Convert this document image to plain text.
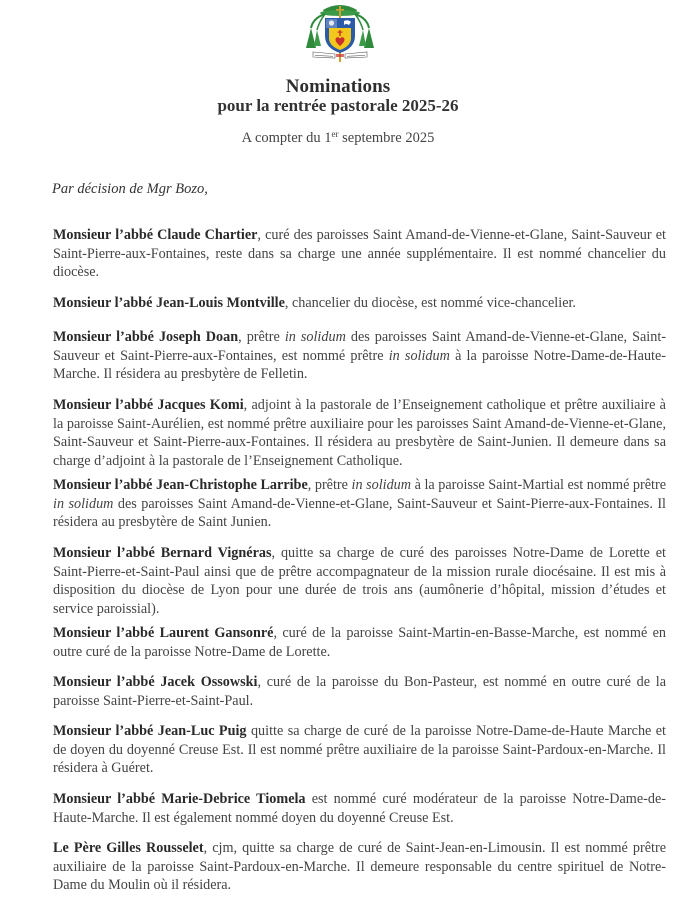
Nominations
pour la rentrée pastorale 2025-26
A compter du 1er septembre 2025
Par décision de Mgr Bozo,
Monsieur l’abbé Claude Chartier, curé des paroisses Saint Amand-de-Vienne-et-Glane, Saint-Sauveur et Saint-Pierre-aux-Fontaines, reste dans sa charge une année supplémentaire. Il est nommé chancelier du diocèse.
Monsieur l’abbé Jean-Louis Montville, chancelier du diocèse, est nommé vice-chancelier.
Monsieur l’abbé Joseph Doan, prêtre in solidum des paroisses Saint Amand-de-Vienne-et-Glane, Saint-Sauveur et Saint-Pierre-aux-Fontaines, est nommé prêtre in solidum à la paroisse Notre-Dame-de-Haute-Marche. Il résidera au presbytère de Felletin.
Monsieur l’abbé Jacques Komi, adjoint à la pastorale de l’Enseignement catholique et prêtre auxiliaire à la paroisse Saint-Aurélien, est nommé prêtre auxiliaire pour les paroisses Saint Amand-de-Vienne-et-Glane, Saint-Sauveur et Saint-Pierre-aux-Fontaines. Il résidera au presbytère de Saint-Junien. Il demeure dans sa charge d’adjoint à la pastorale de l’Enseignement Catholique.
Monsieur l’abbé Jean-Christophe Larribe, prêtre in solidum à la paroisse Saint-Martial est nommé prêtre in solidum des paroisses Saint Amand-de-Vienne-et-Glane, Saint-Sauveur et Saint-Pierre-aux-Fontaines. Il résidera au presbytère de Saint Junien.
Monsieur l’abbé Bernard Vignéras, quitte sa charge de curé des paroisses Notre-Dame de Lorette et Saint-Pierre-et-Saint-Paul ainsi que de prêtre accompagnateur de la mission rurale diocésaine. Il est mis à disposition du diocèse de Lyon pour une durée de trois ans (aumônerie d’hôpital, mission d’études et service paroissial).
Monsieur l’abbé Laurent Gansonré, curé de la paroisse Saint-Martin-en-Basse-Marche, est nommé en outre curé de la paroisse Notre-Dame de Lorette.
Monsieur l’abbé Jacek Ossowski, curé de la paroisse du Bon-Pasteur, est nommé en outre curé de la paroisse Saint-Pierre-et-Saint-Paul.
Monsieur l’abbé Jean-Luc Puig quitte sa charge de curé de la paroisse Notre-Dame-de-Haute Marche et de doyen du doyenné Creuse Est. Il est nommé prêtre auxiliaire de la paroisse Saint-Pardoux-en-Marche. Il résidera à Guéret.
Monsieur l’abbé Marie-Debrice Tiomela est nommé curé modérateur de la paroisse Notre-Dame-de-Haute-Marche. Il est également nommé doyen du doyenné Creuse Est.
Le Père Gilles Rousselet, cjm, quitte sa charge de curé de Saint-Jean-en-Limousin. Il est nommé prêtre auxiliaire de la paroisse Saint-Pardoux-en-Marche. Il demeure responsable du centre spirituel de Notre-Dame du Moulin où il résidera.
